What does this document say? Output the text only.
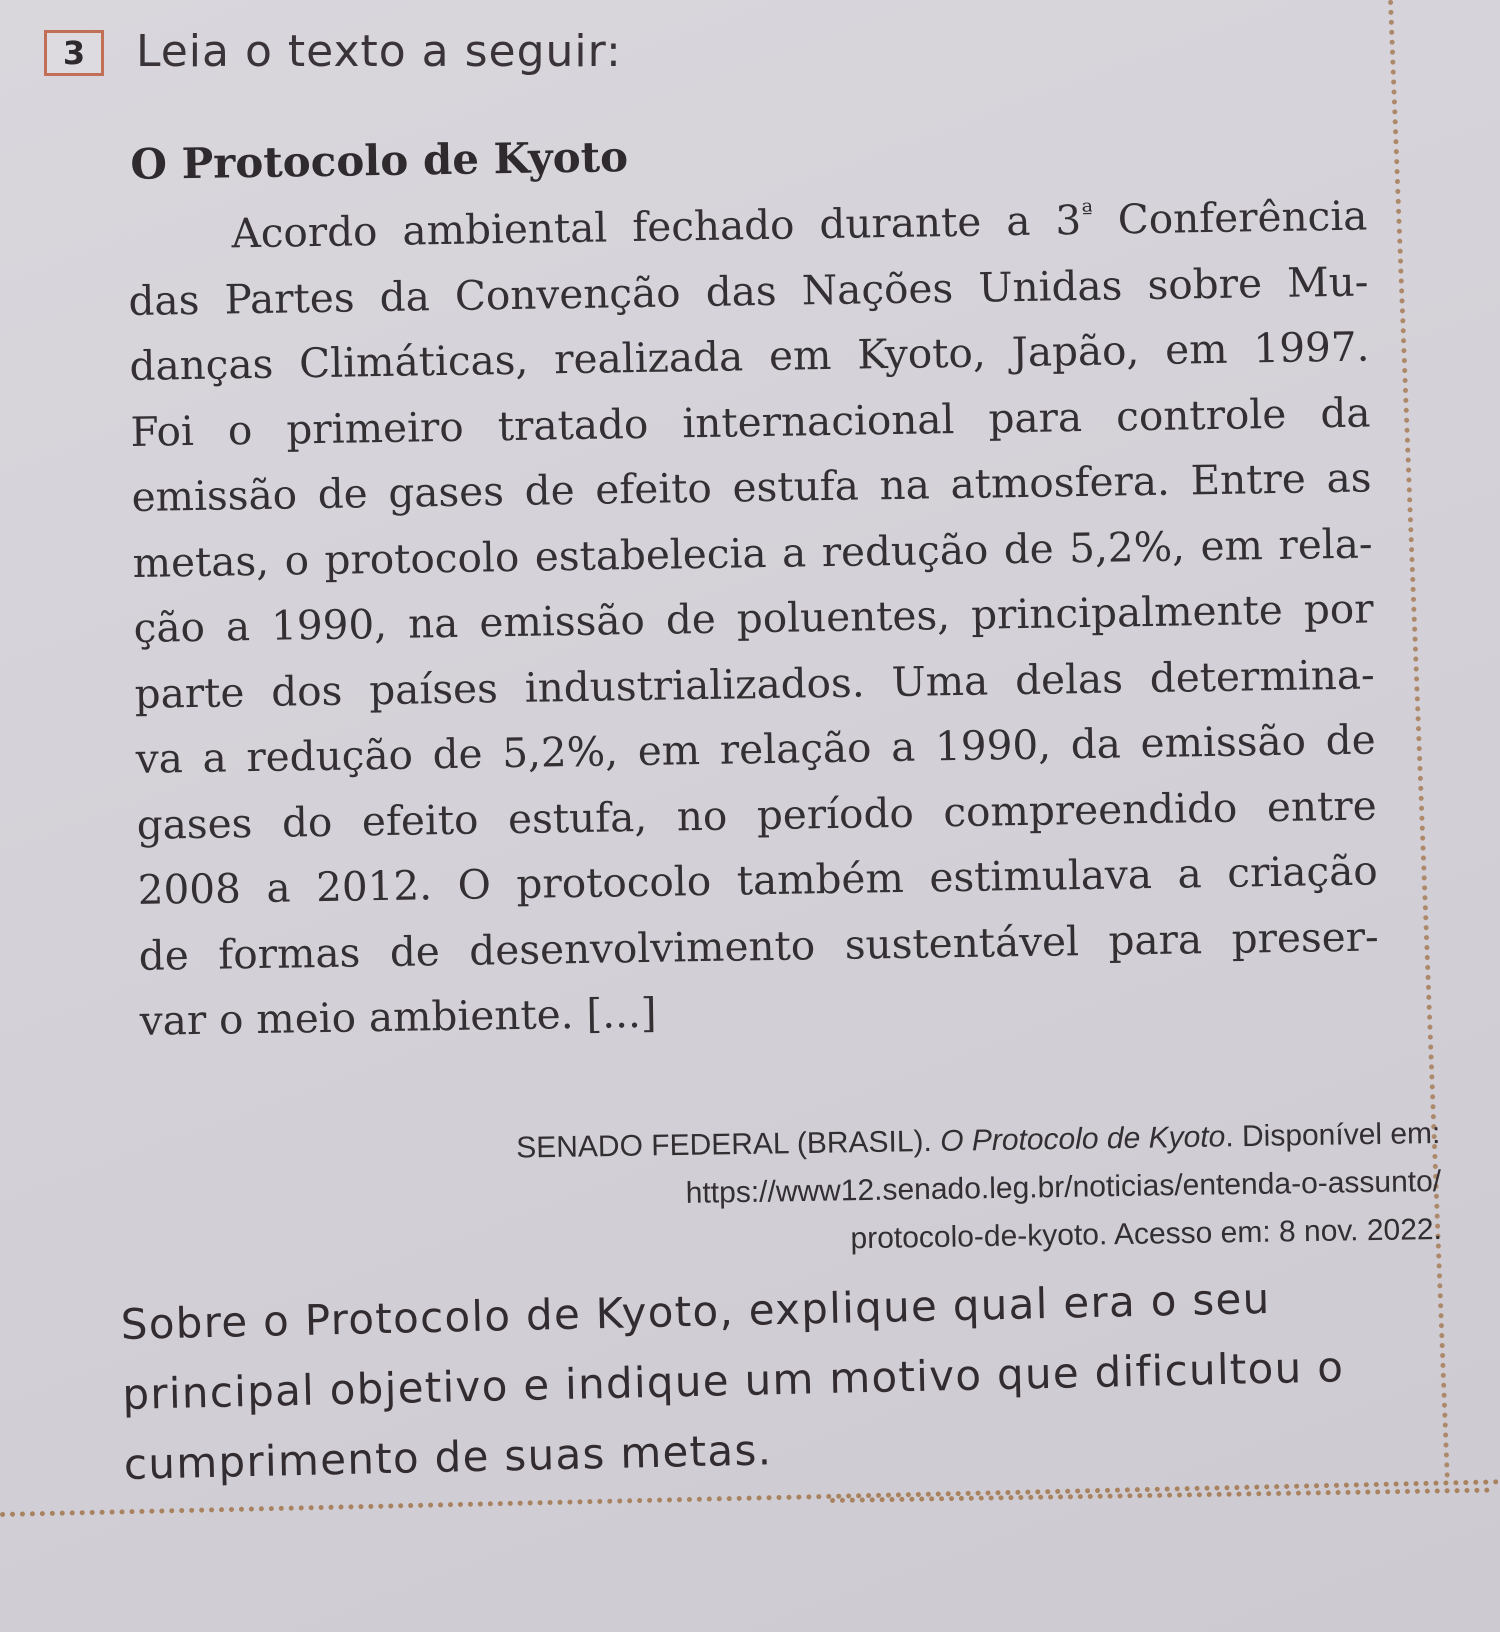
3	Leia o texto a seguir:
O Protocolo de Kyoto
Acordo ambiental fechado durante a $3^ª$ Conferência
das Partes da Convenção das Nações Unidas sobre Mu-
danças Climáticas, realizada em Kyoto, Japão, em 1997.
Foi o primeiro tratado internacional para controle da
emissão de gases de efeito estufa na atmosfera. Entre as
metas, o protocolo estabelecia a redução de 5,2%, em rela-
ção a 1990, na emissão de poluentes, principalmente por
parte dos países industrializados. Uma delas determina-
va a redução de 5,2%, em relação a 1990, da emissão de
gases do efeito estufa, no período compreendido entre
2008 a 2012. O protocolo também estimulava a criação
de formas de desenvolvimento sustentável para preser-
var o meio ambiente. [...]
SENADO FEDERAL (BRASIL). O Protocolo de Kyoto. Disponível em:
https://www12.senado.leg.br/noticias/entenda-o-assunto/
protocolo-de-kyoto. Acesso em: 8 nov. 2022.
Sobre o Protocolo de Kyoto, explique qual era o seu
principal objetivo e indique um motivo que dificultou o
cumprimento de suas metas.
